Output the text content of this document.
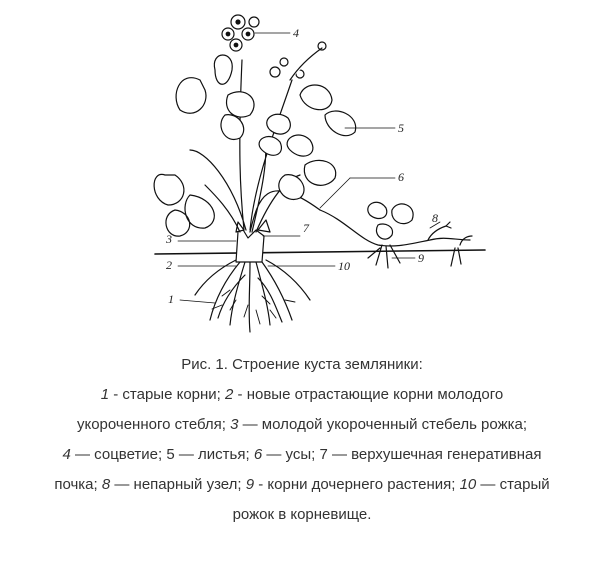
4
5
6
7
3
2	10
1
9
8
Рис. 1. Строение куста земляники:
1 - старые корни; 2 - новые отрастающие корни молодого
укороченного стебля; 3 — молодой укороченный стебель рожка;
4 — соцветие; 5 — листья; 6 — усы; 7 — верхушечная генеративная
почка; 8 — непарный узел; 9 - корни дочернего растения; 10 — старый
рожок в корневище.
